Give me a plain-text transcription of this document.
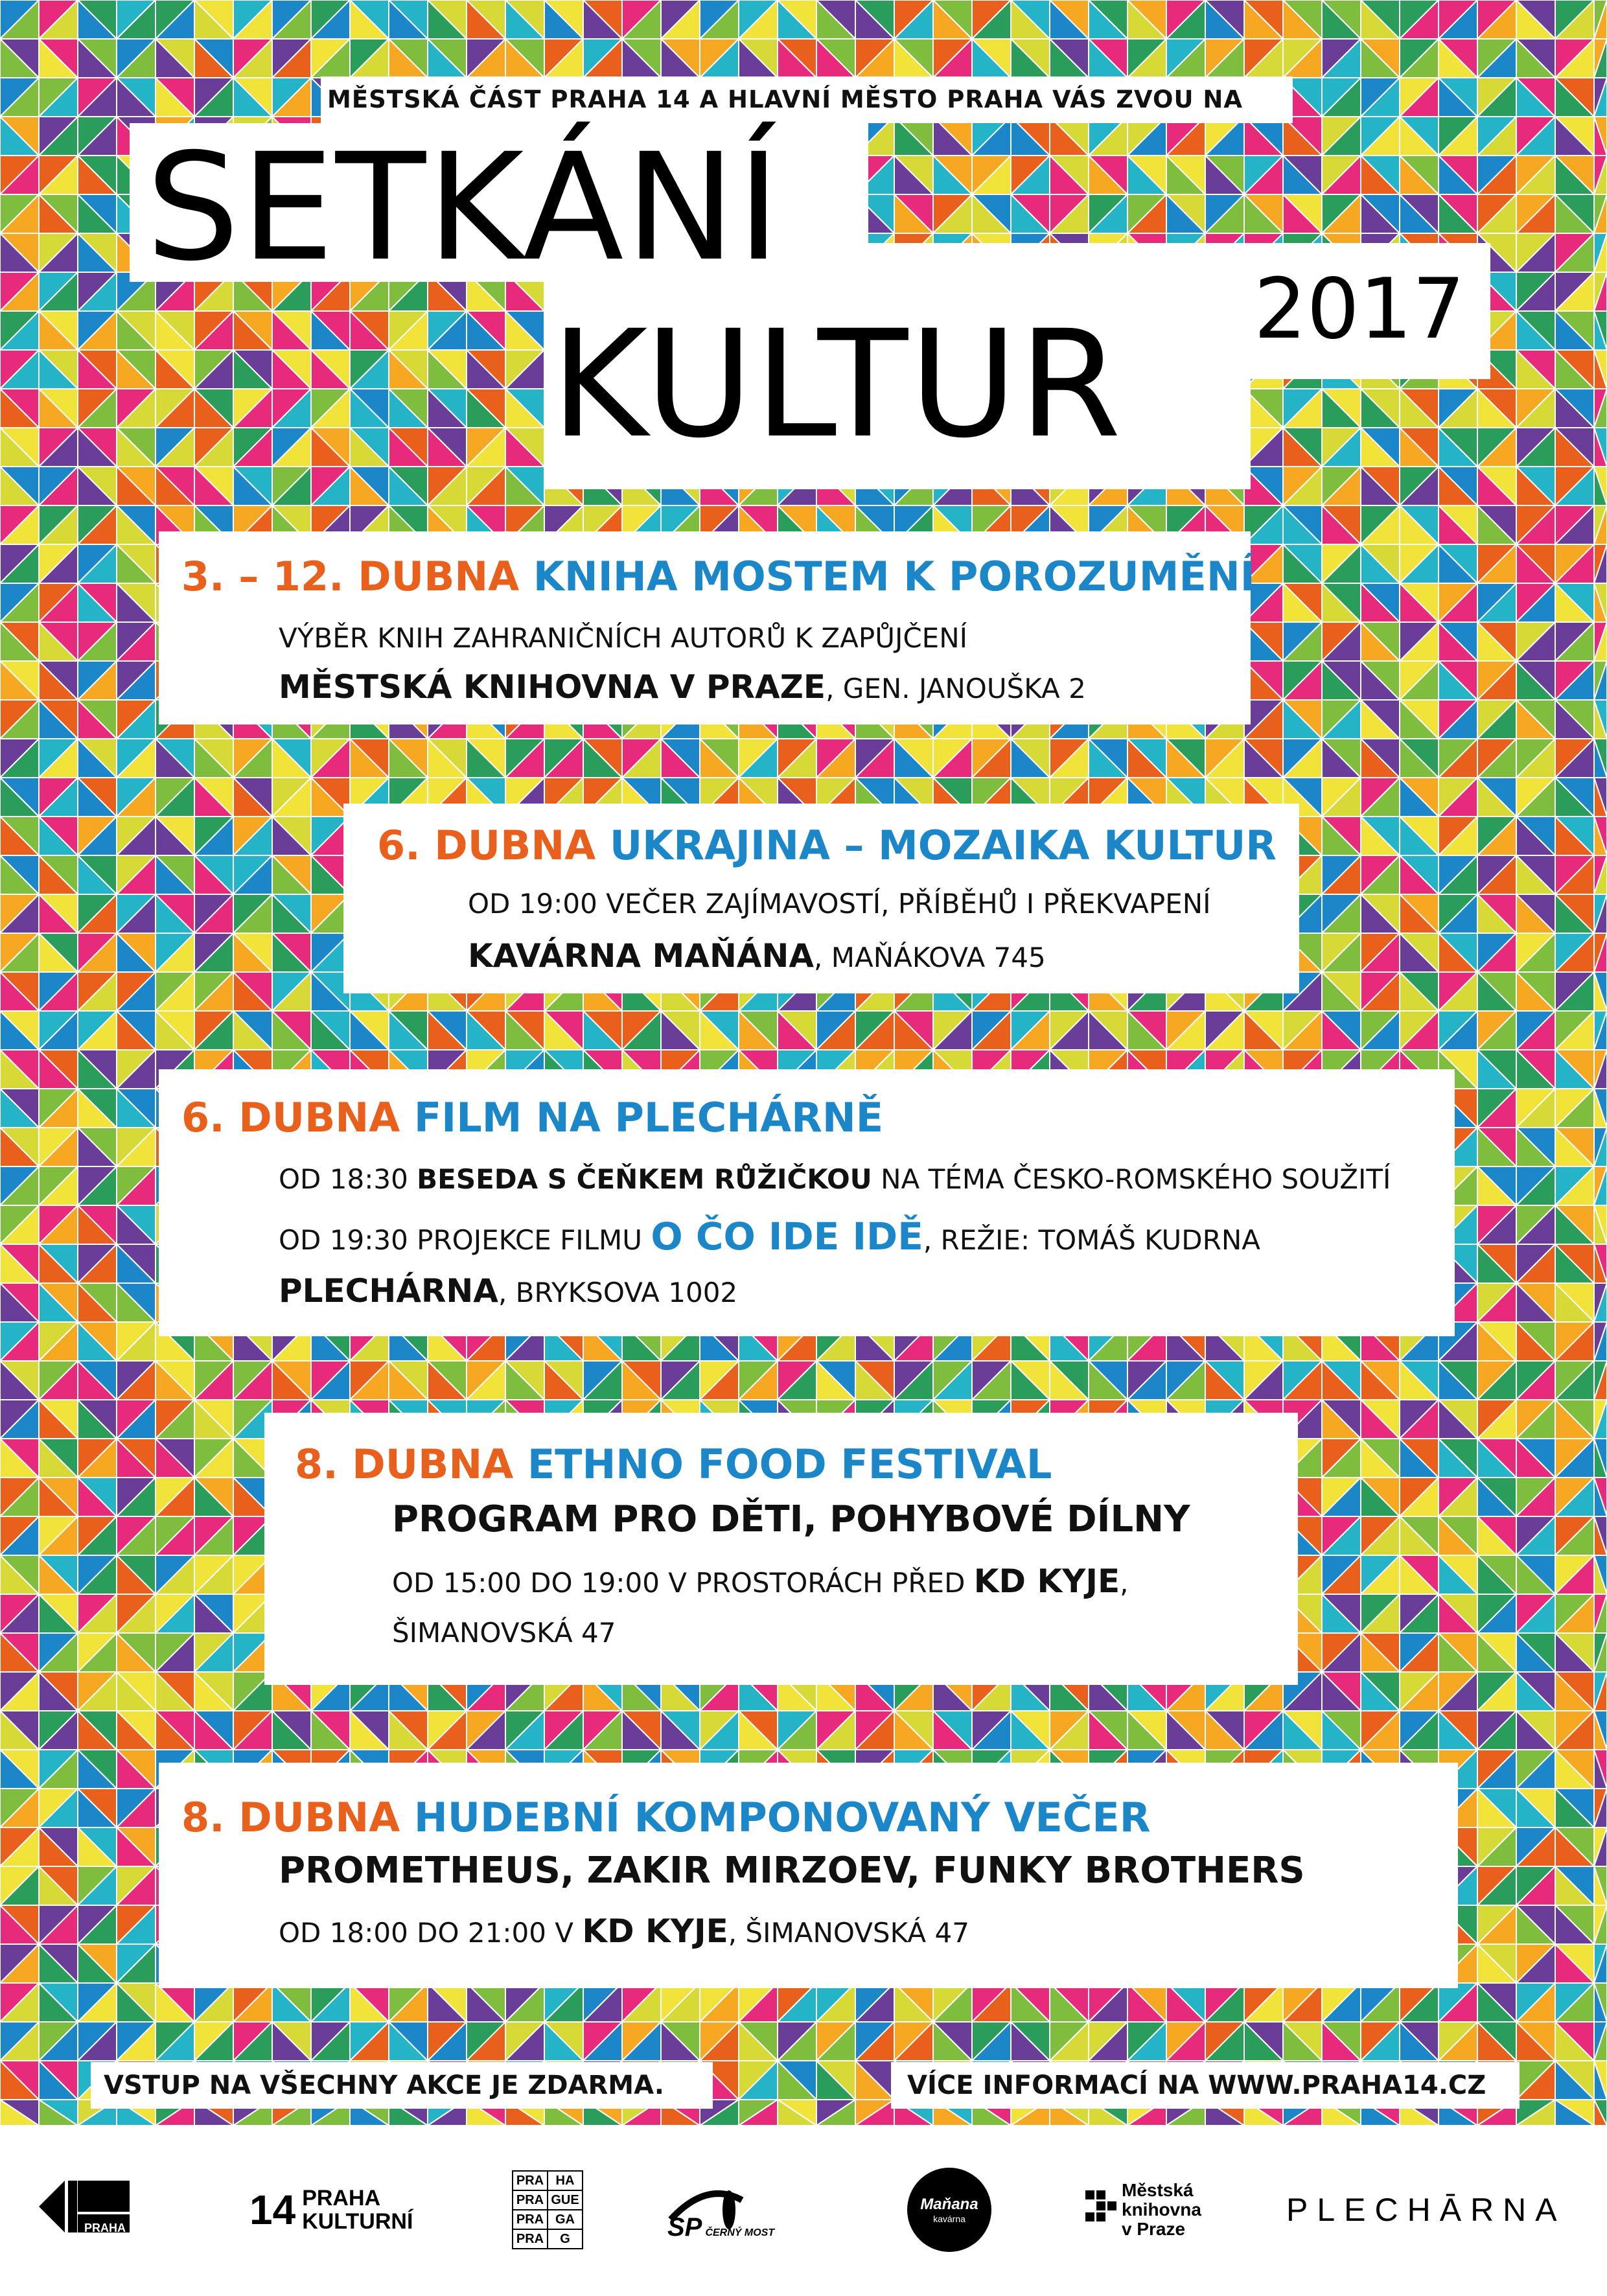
MĚSTSKÁ ČÁST PRAHA 14 A HLAVNÍ MĚSTO PRAHA VÁS ZVOU NA
SETKÁNÍ
KULTUR 2017
3. – 12. DUBNA KNIHA MOSTEM K POROZUMĚNÍ
VÝBĚR KNIH ZAHRANIČNÍCH AUTORŮ K ZAPŮJČENÍ
MĚSTSKÁ KNIHOVNA V PRAZE, GEN. JANOUŠKA 2
6. DUBNA UKRAJINA – MOZAIKA KULTUR
OD 19:00 VEČER ZAJÍMAVOSTÍ, PŘÍBĚHŮ I PŘEKVAPENÍ
KAVÁRNA MAŇÁNA, MAŇÁKOVA 745
6. DUBNA FILM NA PLECHÁRNĚ
OD 18:30 BESEDA S ČEŇKEM RŮŽIČKOU NA TÉMA ČESKO-ROMSKÉHO SOUŽITÍ
OD 19:30 PROJEKCE FILMU O ČO IDE IDĚ, REŽIE: TOMÁŠ KUDRNA
PLECHÁRNA, BRYKSOVA 1002
8. DUBNA ETHNO FOOD FESTIVAL
PROGRAM PRO DĚTI, POHYBOVÉ DÍLNY
OD 15:00 DO 19:00 V PROSTORÁCH PŘED KD KYJE,
ŠIMANOVSKÁ 47
8. DUBNA HUDEBNÍ KOMPONOVANÝ VEČER
PROMETHEUS, ZAKIR MIRZOEV, FUNKY BROTHERS
OD 18:00 DO 21:00 V KD KYJE, ŠIMANOVSKÁ 47
VSTUP NA VŠECHNY AKCE JE ZDARMA.	VÍCE INFORMACÍ NA WWW.PRAHA14.CZ
PRAHA 14
14 PRAHA
KULTURNÍ
PRA HA
PRA GUE
PRA GA
PRA	G	SP ČERNÝ MOST
Maňana
kavárna
Městská
knihovna
v Praze
PLECHĀRNA
